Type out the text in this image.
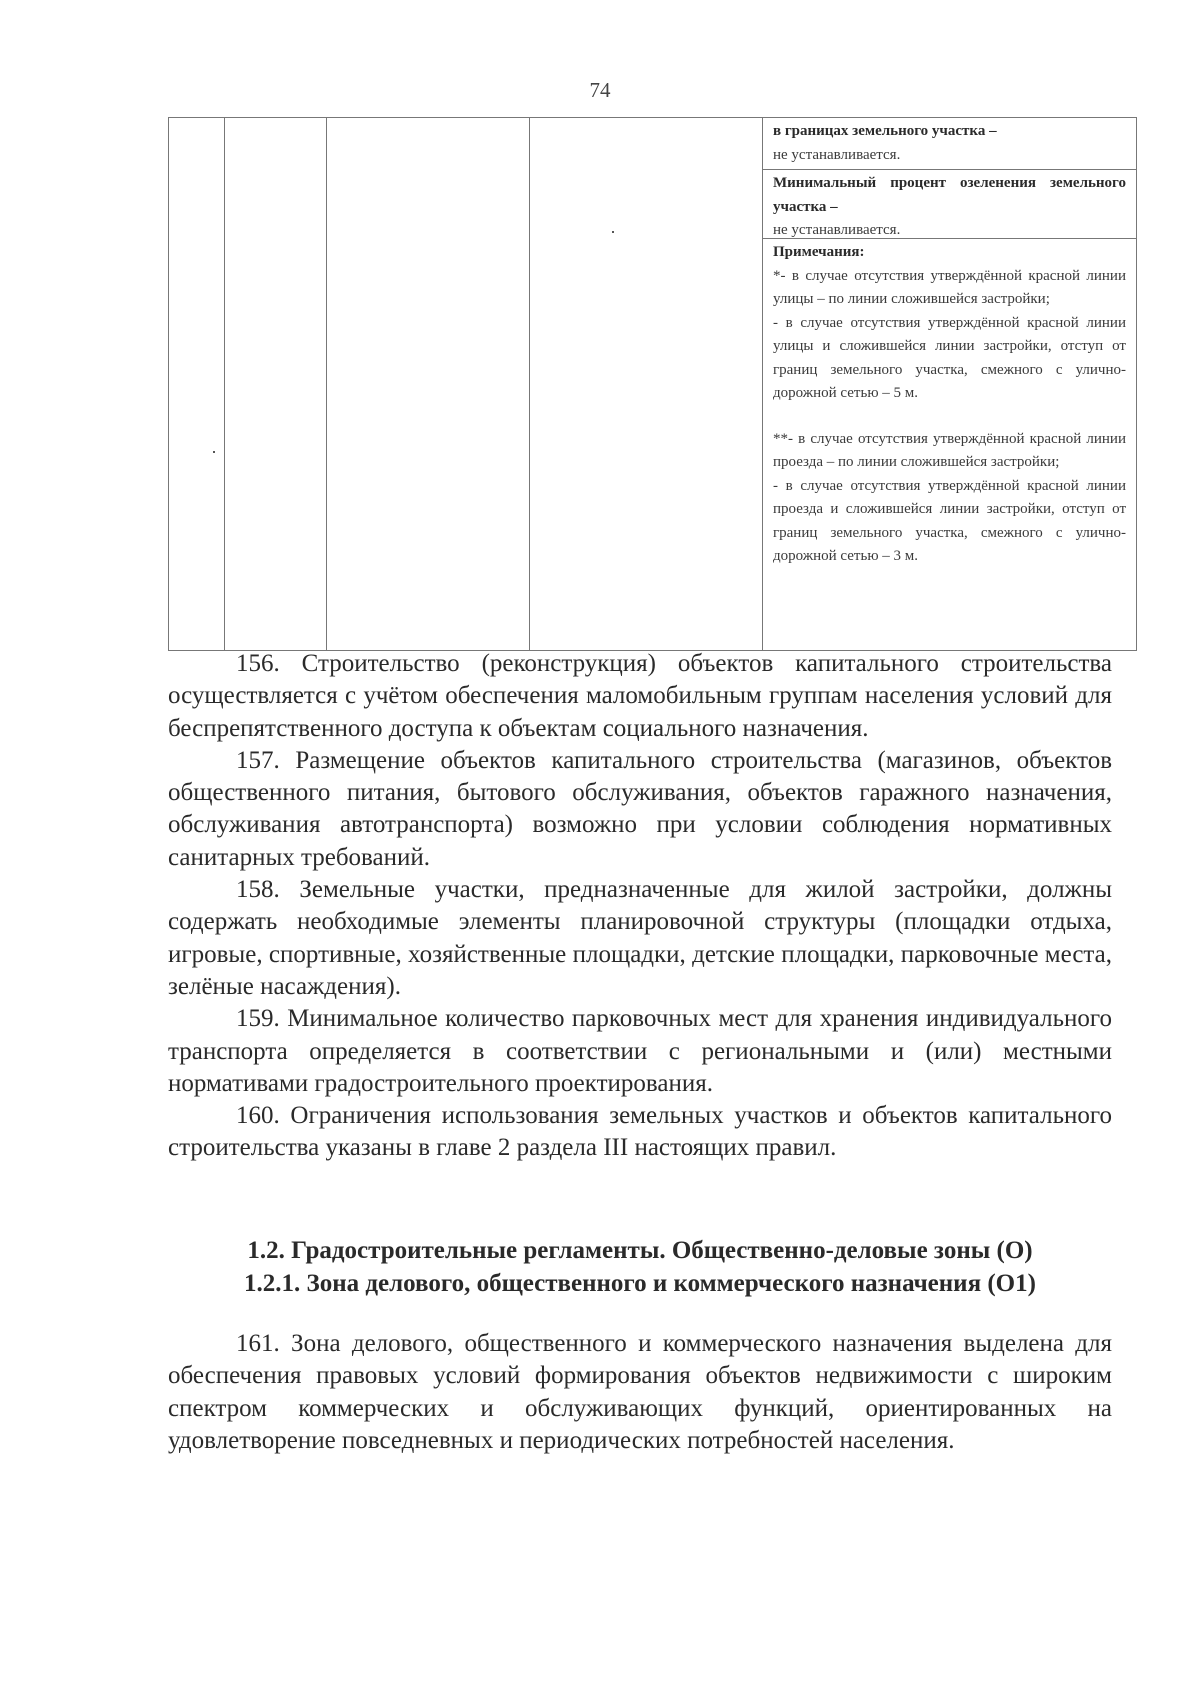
74

в границах земельного участка –
не устанавливается.

Минимальный процент озеленения земельного участка –
не устанавливается.

Примечания:
*- в случае отсутствия утверждённой красной линии улицы – по линии сложившейся застройки;
- в случае отсутствия утверждённой красной линии улицы и сложившейся линии застройки, отступ от границ земельного участка, смежного с улично-дорожной сетью – 5 м.
**- в случае отсутствия утверждённой красной линии проезда – по линии сложившейся застройки;
- в случае отсутствия утверждённой красной линии проезда и сложившейся линии застройки, отступ от границ земельного участка, смежного с улично-дорожной сетью – 3 м.

156. Строительство (реконструкция) объектов капитального строительства осуществляется с учётом обеспечения маломобильным группам населения условий для беспрепятственного доступа к объектам социального назначения.

157. Размещение объектов капитального строительства (магазинов, объектов общественного питания, бытового обслуживания, объектов гаражного назначения, обслуживания автотранспорта) возможно при условии соблюдения нормативных санитарных требований.

158. Земельные участки, предназначенные для жилой застройки, должны содержать необходимые элементы планировочной структуры (площадки отдыха, игровые, спортивные, хозяйственные площадки, детские площадки, парковочные места, зелёные насаждения).

159. Минимальное количество парковочных мест для хранения индивидуального транспорта определяется в соответствии с региональными и (или) местными нормативами градостроительного проектирования.

160. Ограничения использования земельных участков и объектов капитального строительства указаны в главе 2 раздела III настоящих правил.

1.2. Градостроительные регламенты. Общественно-деловые зоны (О)
1.2.1. Зона делового, общественного и коммерческого назначения (О1)

161. Зона делового, общественного и коммерческого назначения выделена для обеспечения правовых условий формирования объектов недвижимости с широким спектром коммерческих и обслуживающих функций, ориентированных на удовлетворение повседневных и периодических потребностей населения.
